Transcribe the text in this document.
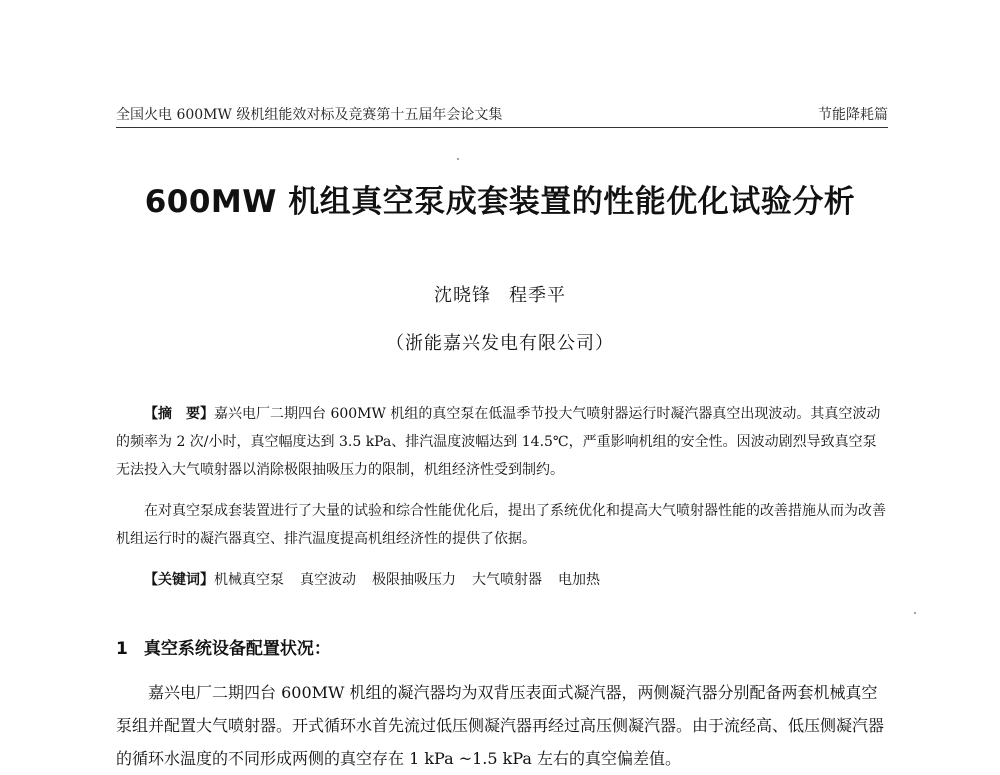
全国火电 600MW 级机组能效对标及竞赛第十五届年会论文集	节能降耗篇
600MW 机组真空泵成套装置的性能优化试验分析
沈晓锋 程季平
（浙能嘉兴发电有限公司）

【摘　要】嘉兴电厂二期四台 600MW 机组的真空泵在低温季节投大气喷射器运行时凝汽器真空出现波动。其真空波动的频率为 2 次/小时，真空幅度达到 3.5 kPa、排汽温度波幅达到 14.5℃，严重影响机组的安全性。因波动剧烈导致真空泵无法投入大气喷射器以消除极限抽吸压力的限制，机组经济性受到制约。

在对真空泵成套装置进行了大量的试验和综合性能优化后，提出了系统优化和提高大气喷射器性能的改善措施从而为改善机组运行时的凝汽器真空、排汽温度提高机组经济性的提供了依据。

【关键词】机械真空泵 真空波动 极限抽吸压力 大气喷射器 电加热

1 真空系统设备配置状况：

嘉兴电厂二期四台 600MW 机组的凝汽器均为双背压表面式凝汽器，两侧凝汽器分别配备两套机械真空泵组并配置大气喷射器。开式循环水首先流过低压侧凝汽器再经过高压侧凝汽器。由于流经高、低压侧凝汽器的循环水温度的不同形成两侧的真空存在 1 kPa ~1.5 kPa 左右的真空偏差值。
